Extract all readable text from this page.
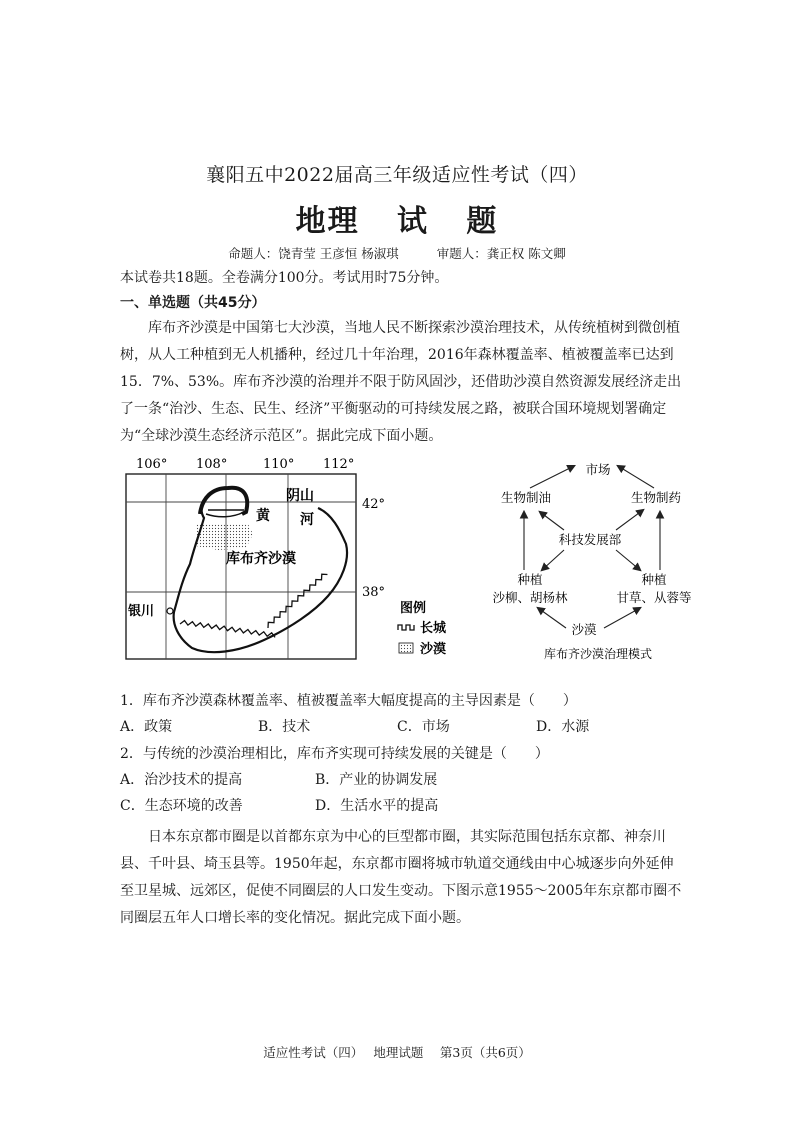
襄阳五中2022届高三年级适应性考试（四）
地理   试   题
命题人：饶青莹 王彦恒 杨淑琪	审题人：龚正权 陈文卿
本试卷共18题。全卷满分100分。考试用时75分钟。
一、单选题（共45分）

库布齐沙漠是中国第七大沙漠，当地人民不断探索沙漠治理技术，从传统植树到微创植树，从人工种植到无人机播种，经过几十年治理，2016年森林覆盖率、植被覆盖率已达到15．7%、53%。库布齐沙漠的治理并不限于防风固沙，还借助沙漠自然资源发展经济走出了一条“治沙、生态、民生、经济”平衡驱动的可持续发展之路，被联合国环境规划署确定为“全球沙漠生态经济示范区”。据此完成下面小题。

106° 108°	110° 112°
42°
38°
阴山
黄 河
库布齐沙漠
银川	图例
长城
沙漠
市场
生物制油	生物制药
科技发展部
种植
沙柳、胡杨林
种植
甘草、从蓉等
沙漠
库布齐沙漠治理模式
1．库布齐沙漠森林覆盖率、植被覆盖率大幅度提高的主导因素是（　　）
A．政策	B．技术	C．市场	D．水源
2．与传统的沙漠治理相比，库布齐实现可持续发展的关键是（　　）
A．治沙技术的提高	B．产业的协调发展
C．生态环境的改善	D．生活水平的提高

日本东京都市圈是以首都东京为中心的巨型都市圈，其实际范围包括东京都、神奈川县、千叶县、埼玉县等。1950年起，东京都市圈将城市轨道交通线由中心城逐步向外延伸至卫星城、远郊区，促使不同圈层的人口发生变动。下图示意1955～2005年东京都市圈不同圈层五年人口增长率的变化情况。据此完成下面小题。

适应性考试（四）　 地理试题　 第3页（共6页）
